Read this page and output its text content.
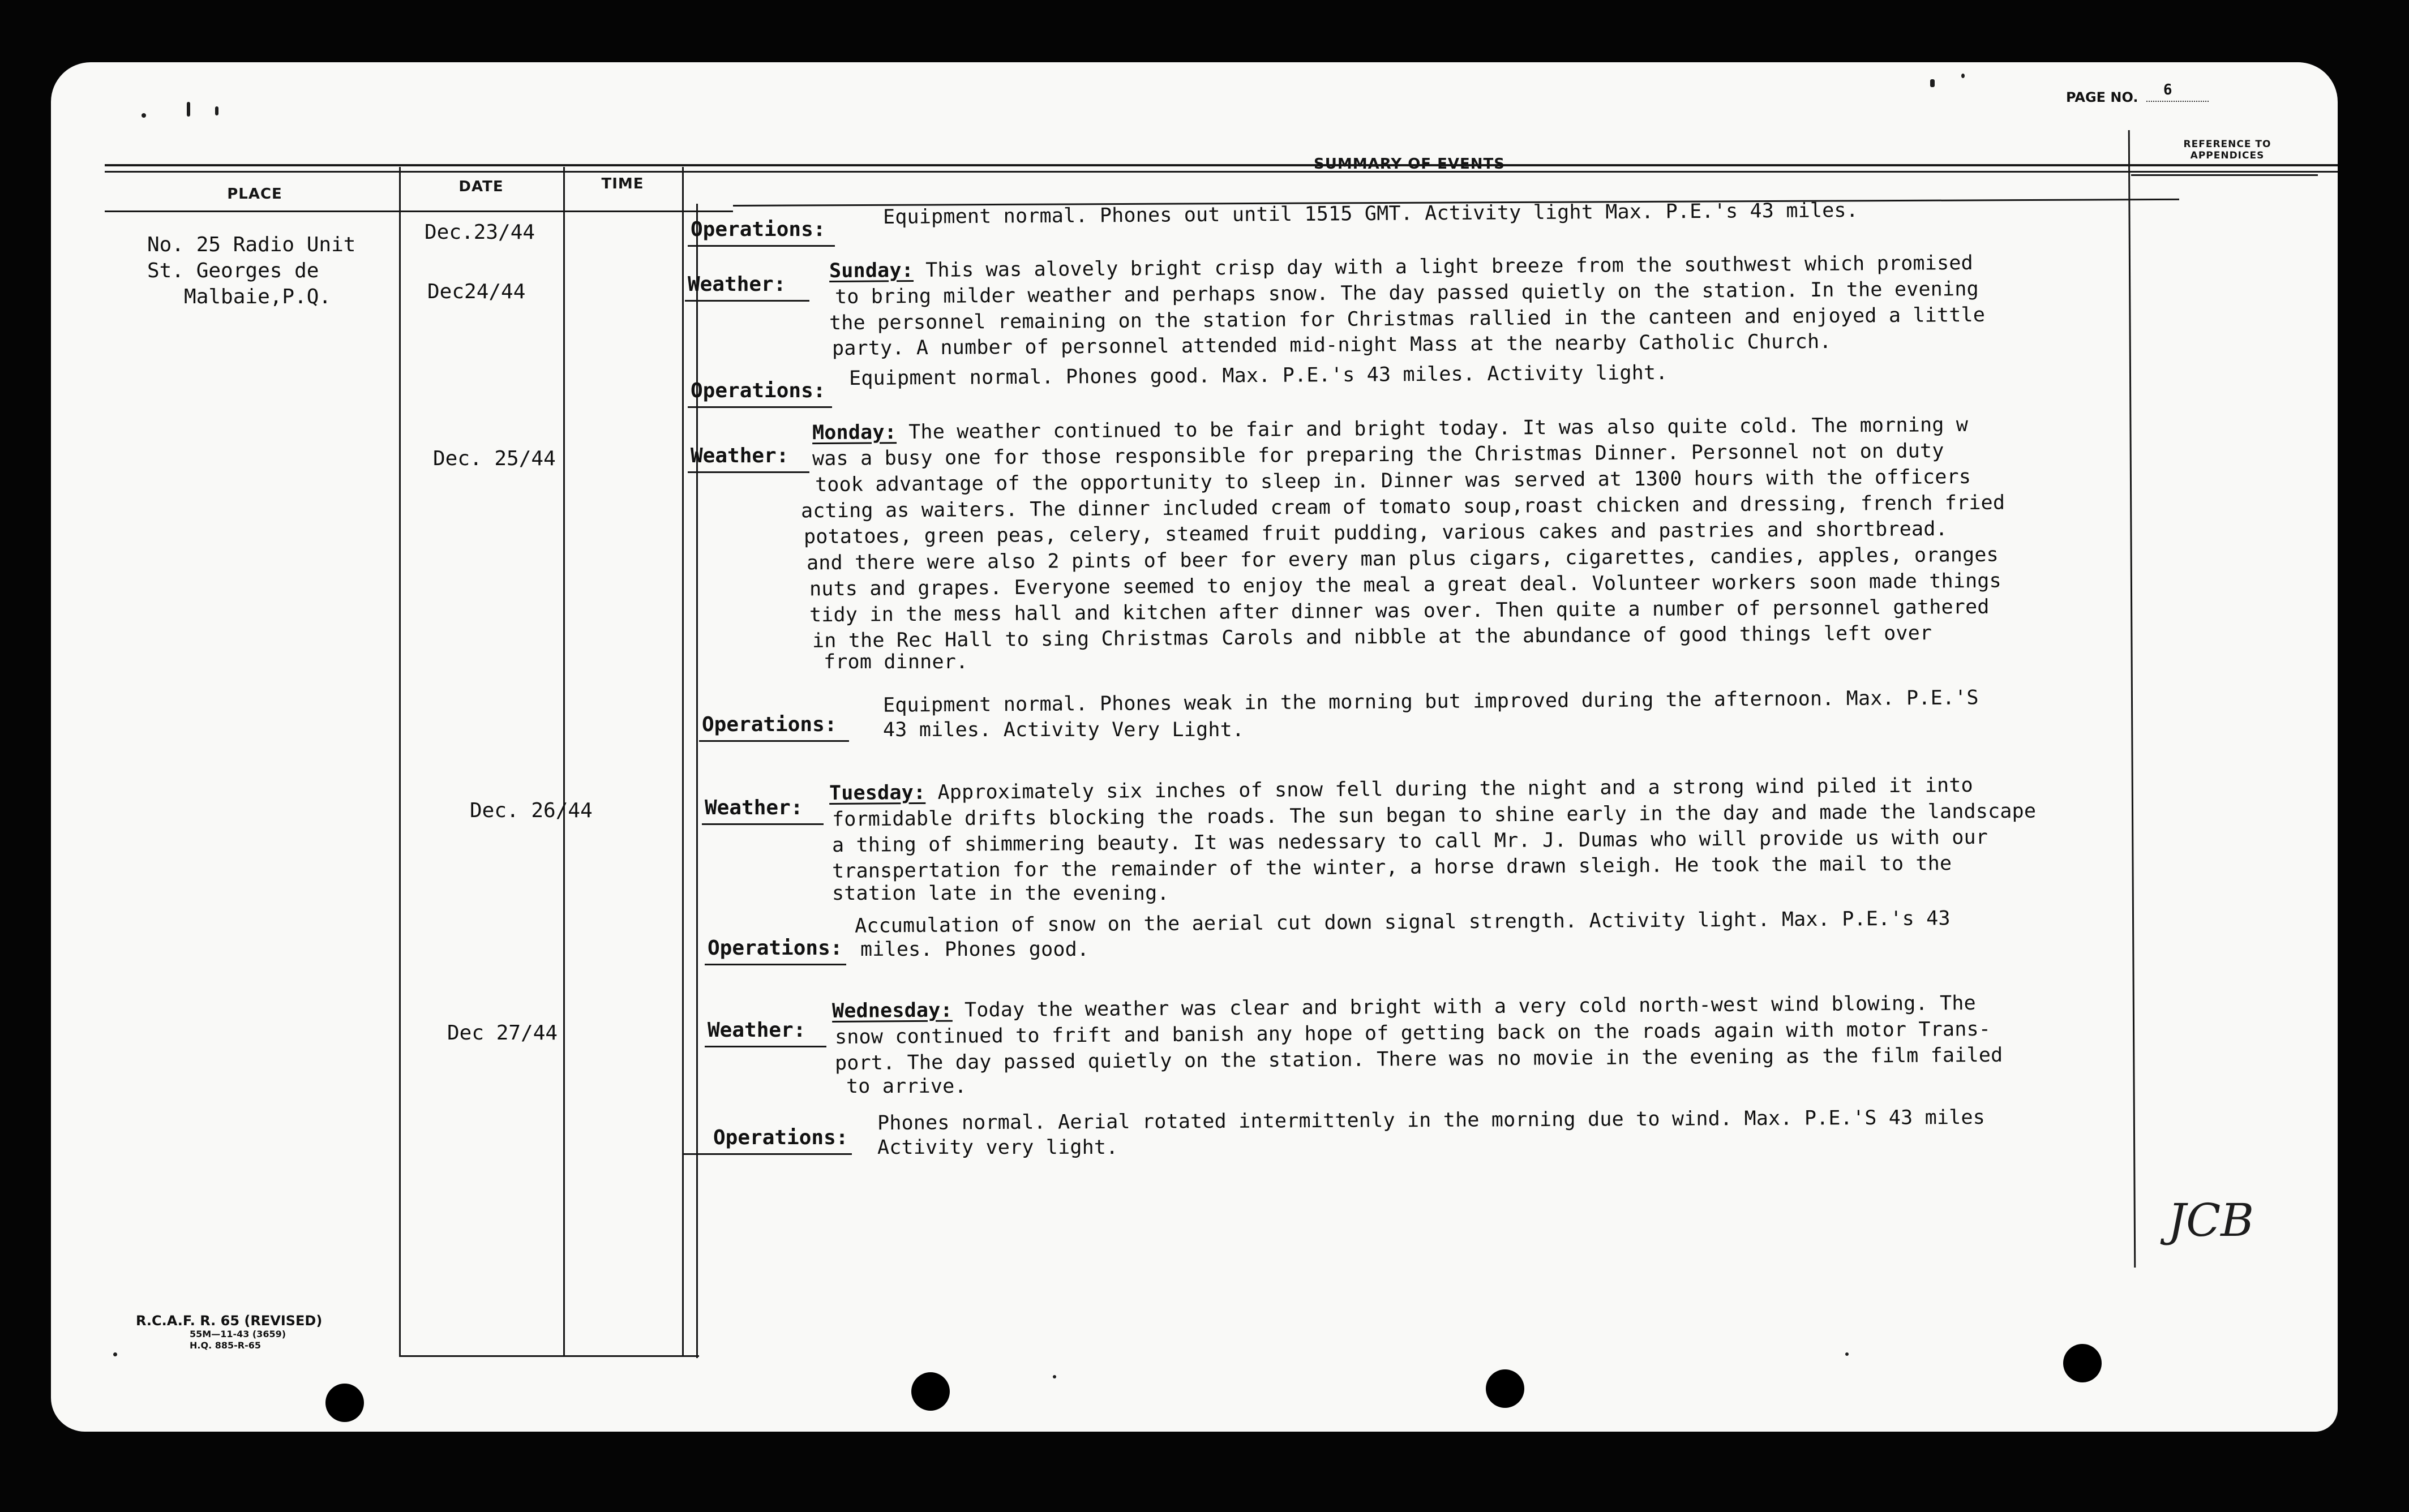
PAGE NO. 6
PLACE	DATE	TIME
SUMMARY OF EVENTS
REFERENCE TO
APPENDICES
No. 25 Radio Unit
St. Georges de
Malbaie,P.Q.
Dec.23/44
Dec24/44
Dec. 25/44
Dec. 26/44
Dec 27/44
Operations:
Equipment normal. Phones out until 1515 GMT. Activity light Max. P.E.'s 43 miles.
Weather:
Sunday: This was alovely bright crisp day with a light breeze from the southwest which promised
to bring milder weather and perhaps snow. The day passed quietly on the station. In the evening
the personnel remaining on the station for Christmas rallied in the canteen and enjoyed a little
party. A number of personnel attended mid-night Mass at the nearby Catholic Church.
Operations:
Equipment normal. Phones good. Max. P.E.'s 43 miles. Activity light.
Weather:
Monday: The weather continued to be fair and bright today. It was also quite cold. The morning w
was a busy one for those responsible for preparing the Christmas Dinner. Personnel not on duty
took advantage of the opportunity to sleep in. Dinner was served at 1300 hours with the officers
acting as waiters. The dinner included cream of tomato soup,roast chicken and dressing, french fried
potatoes, green peas, celery, steamed fruit pudding, various cakes and pastries and shortbread.
and there were also 2 pints of beer for every man plus cigars, cigarettes, candies, apples, oranges
nuts and grapes. Everyone seemed to enjoy the meal a great deal. Volunteer workers soon made things
tidy in the mess hall and kitchen after dinner was over. Then quite a number of personnel gathered
in the Rec Hall to sing Christmas Carols and nibble at the abundance of good things left over
from dinner.
Operations:
Equipment normal. Phones weak in the morning but improved during the afternoon. Max. P.E.'S
43 miles. Activity Very Light.
Weather:
Tuesday: Approximately six inches of snow fell during the night and a strong wind piled it into
formidable drifts blocking the roads. The sun began to shine early in the day and made the landscape
a thing of shimmering beauty. It was nedessary to call Mr. J. Dumas who will provide us with our
transpertation for the remainder of the winter, a horse drawn sleigh. He took the mail to the
station late in the evening.
Operations:
Accumulation of snow on the aerial cut down signal strength. Activity light. Max. P.E.'s 43
miles. Phones good.
Weather:
Wednesday: Today the weather was clear and bright with a very cold north-west wind blowing. The
snow continued to frift and banish any hope of getting back on the roads again with motor Trans-
port. The day passed quietly on the station. There was no movie in the evening as the film failed
to arrive.
Operations:
Phones normal. Aerial rotated intermittenly in the morning due to wind. Max. P.E.'S 43 miles
Activity very light.
JCB
R.C.A.F. R. 65 (REVISED)
55M—11-43 (3659)
H.Q. 885-R-65
